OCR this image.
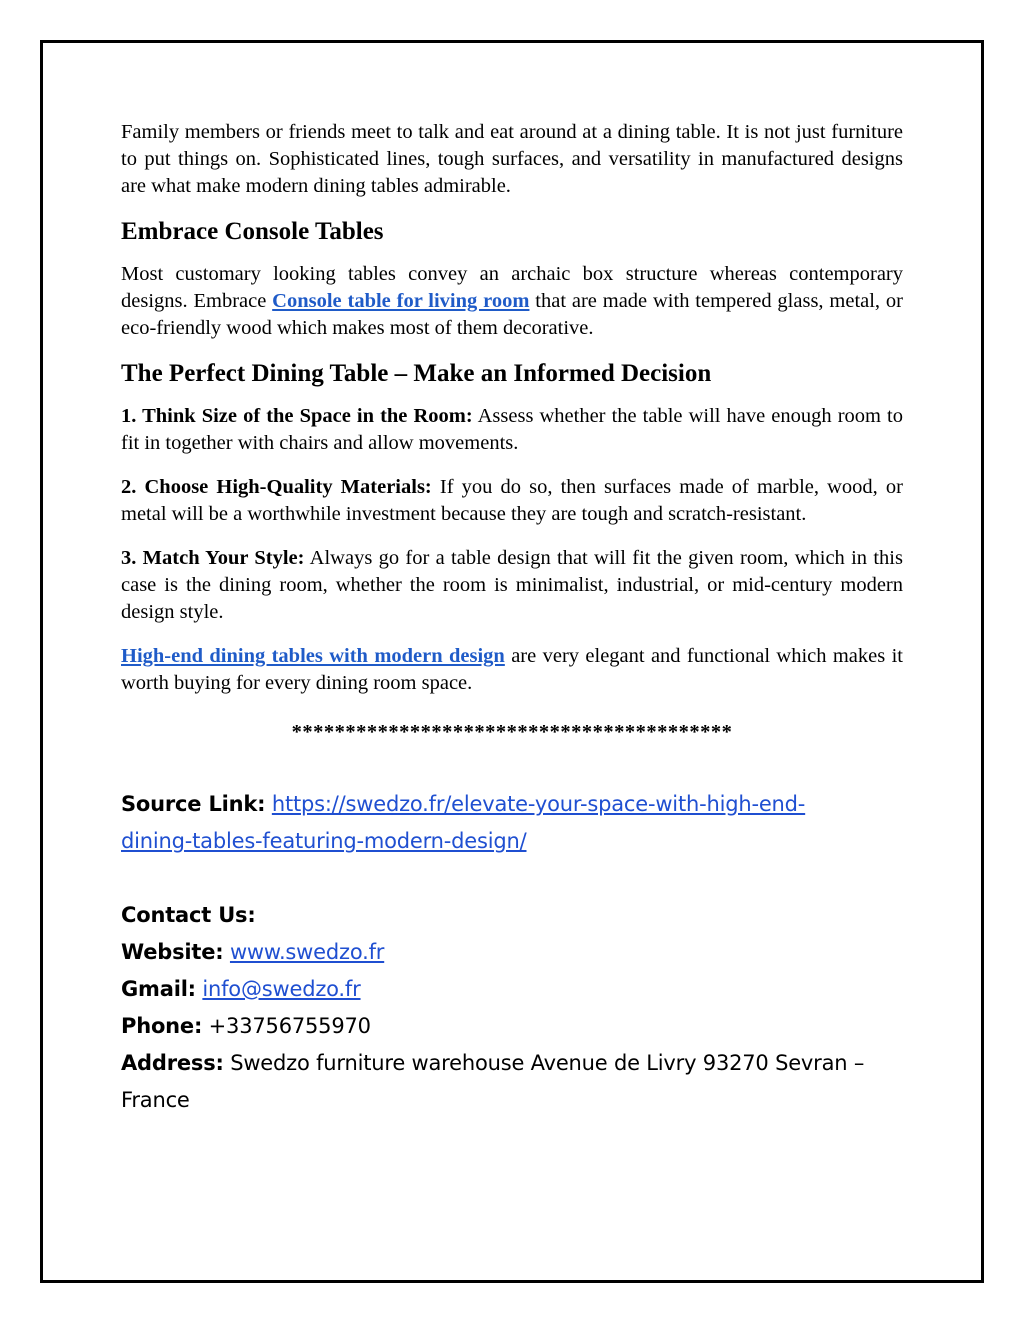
Family members or friends meet to talk and eat around at a dining table. It is not just furniture to put things on. Sophisticated lines, tough surfaces, and versatility in manufactured designs are what make modern dining tables admirable.

Embrace Console Tables

Most customary looking tables convey an archaic box structure whereas contemporary designs. Embrace Console table for living room that are made with tempered glass, metal, or eco-friendly wood which makes most of them decorative.

The Perfect Dining Table – Make an Informed Decision

1. Think Size of the Space in the Room: Assess whether the table will have enough room to fit in together with chairs and allow movements.

2. Choose High-Quality Materials: If you do so, then surfaces made of marble, wood, or metal will be a worthwhile investment because they are tough and scratch-resistant.

3. Match Your Style: Always go for a table design that will fit the given room, which in this case is the dining room, whether the room is minimalist, industrial, or mid-century modern design style.

High-end dining tables with modern design are very elegant and functional which makes it worth buying for every dining room space.

*****************************************
Source Link: https://swedzo.fr/elevate-your-space-with-high-end-
dining-tables-featuring-modern-design/
Contact Us:
Website: www.swedzo.fr
Gmail: info@swedzo.fr
Phone: +33756755970
Address: Swedzo furniture warehouse Avenue de Livry 93270 Sevran –
France
